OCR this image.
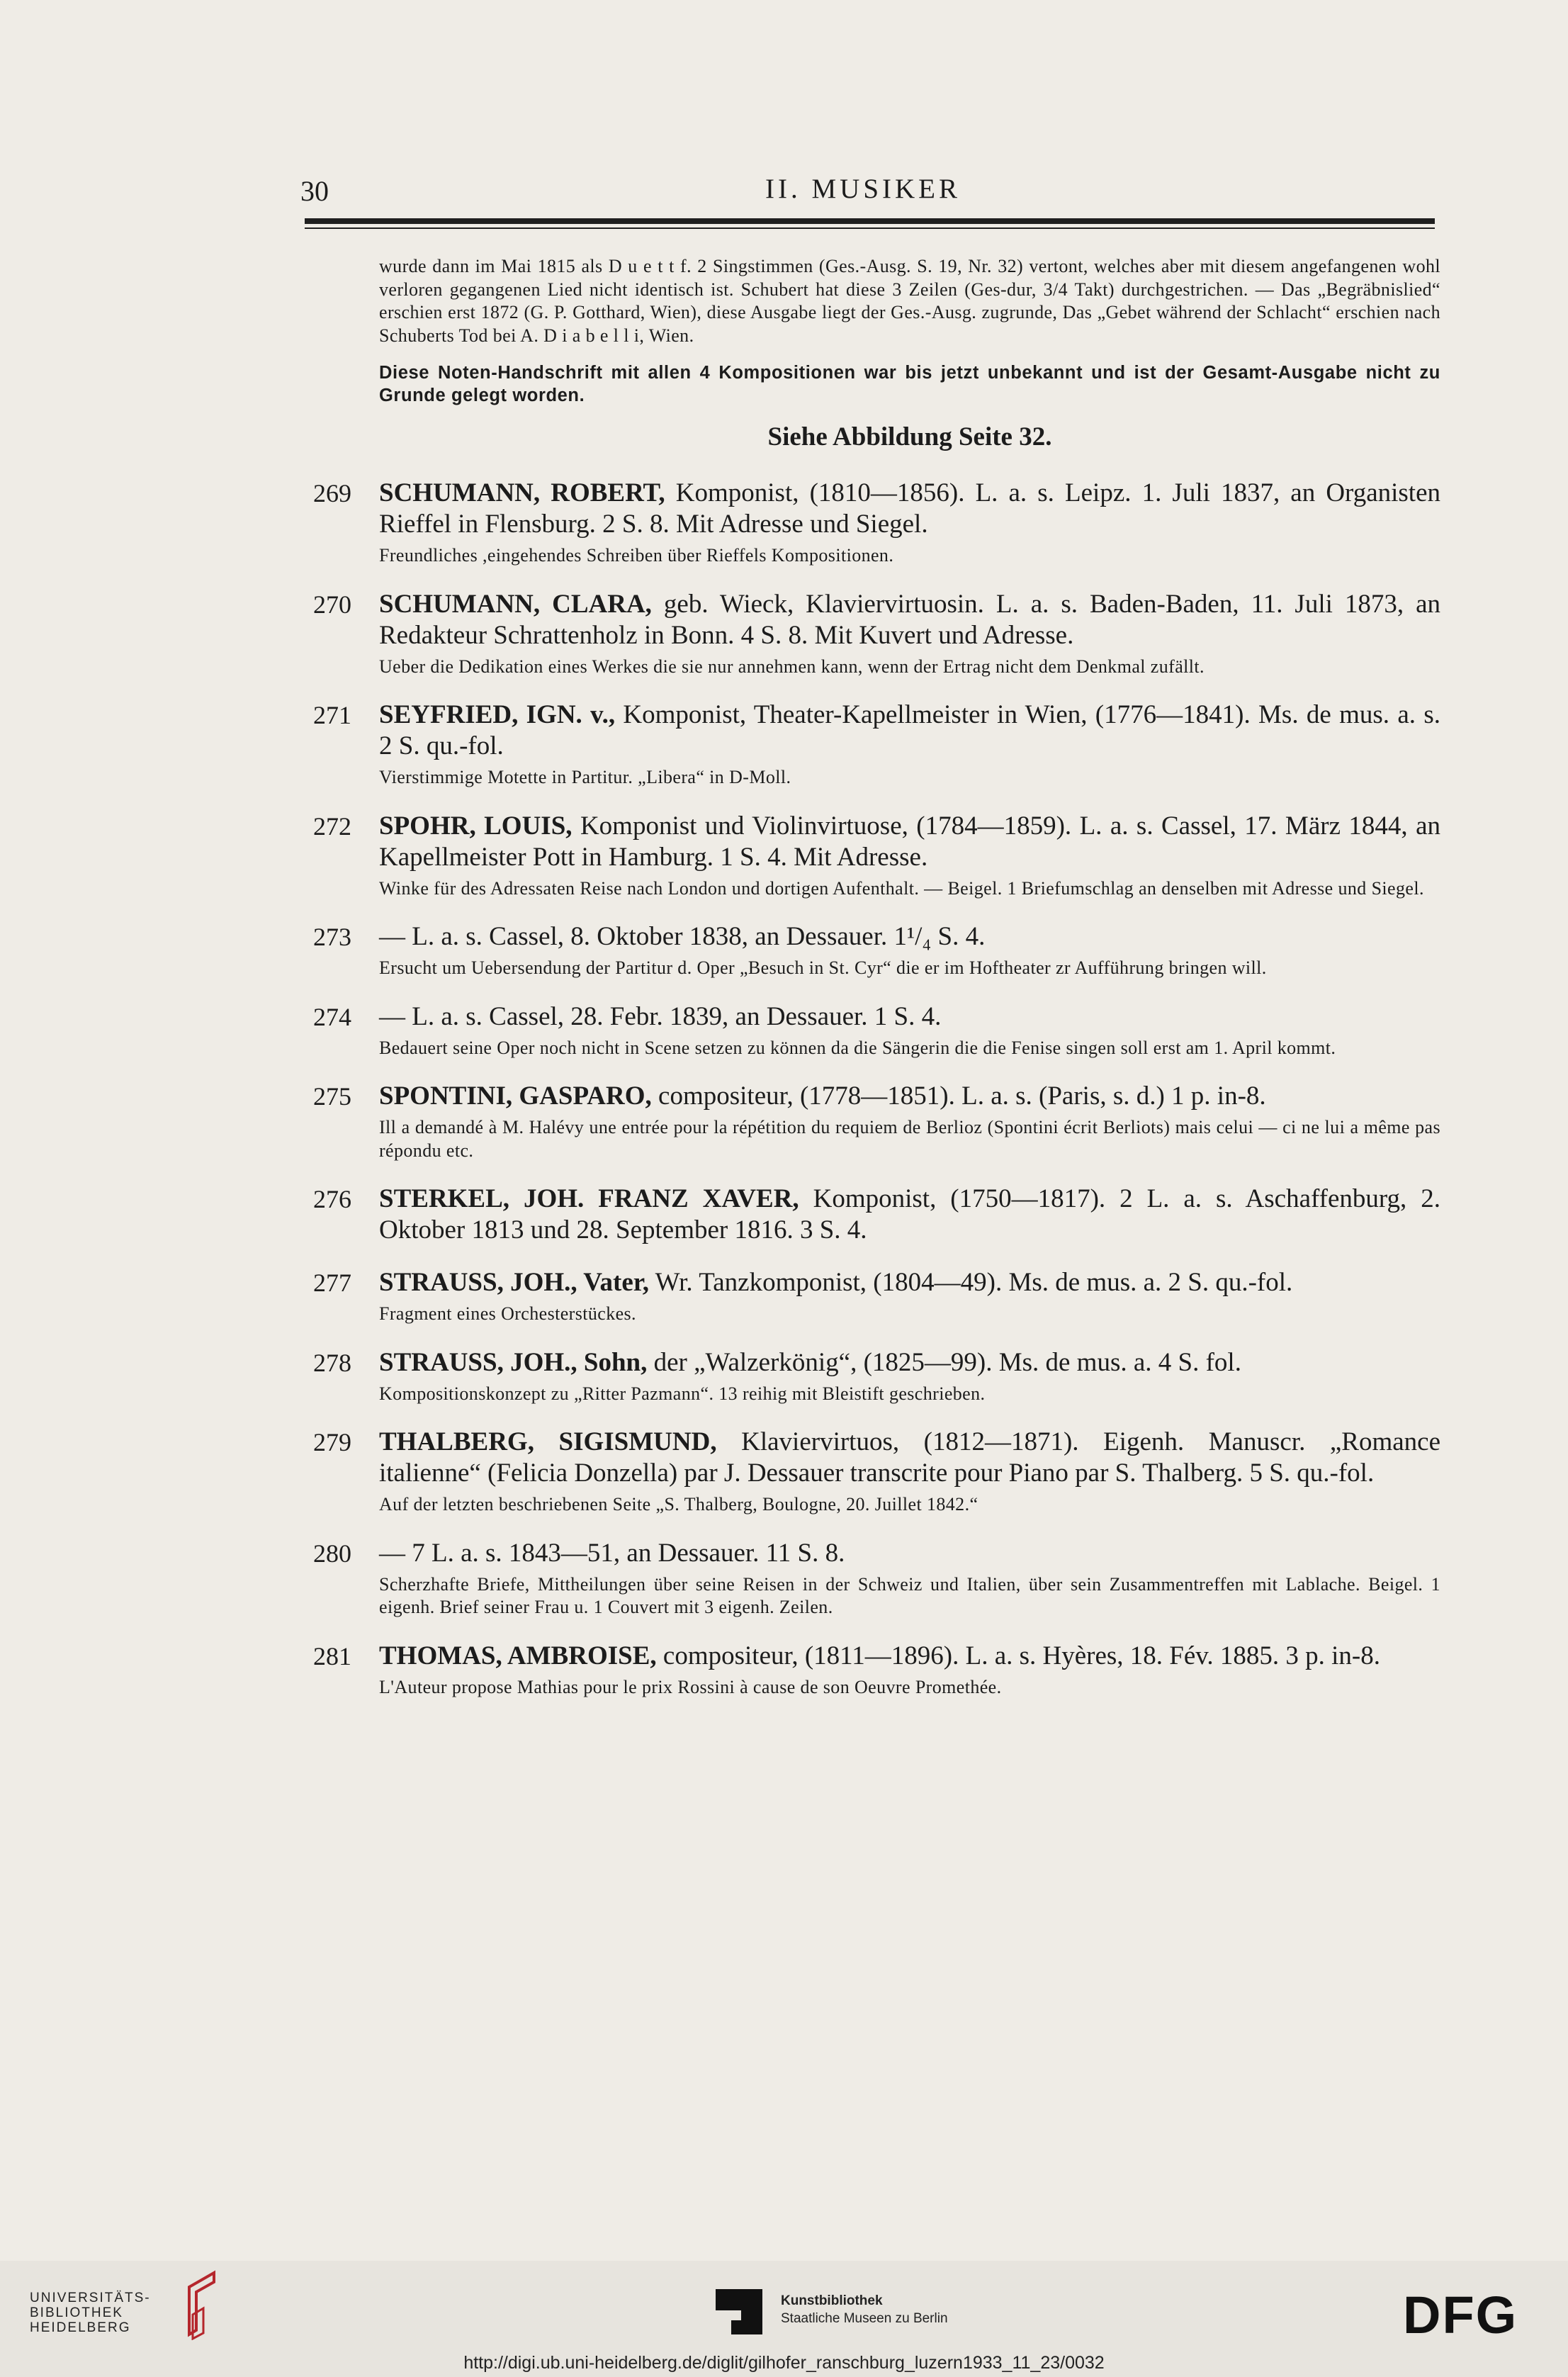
30	II. MUSIKER

wurde dann im Mai 1815 als D u e t t f. 2 Singstimmen (Ges.-Ausg. S. 19, Nr. 32) vertont, welches aber mit diesem angefangenen wohl verloren gegangenen Lied nicht identisch ist. Schubert hat diese 3 Zeilen (Ges-dur, 3/4 Takt) durchgestrichen. — Das „Begräbnislied“ erschien erst 1872 (G. P. Gotthard, Wien), diese Ausgabe liegt der Ges.-Ausg. zugrunde, Das „Gebet während der Schlacht“ erschien nach Schuberts Tod bei A. D i a b e l l i, Wien.

Diese Noten-Handschrift mit allen 4 Kompositionen war bis jetzt unbekannt und ist der Gesamt-Ausgabe nicht zu Grunde gelegt worden.

Siehe Abbildung Seite 32.

269 SCHUMANN, ROBERT, Komponist, (1810—1856). L. a. s. Leipz. 1. Juli 1837, an Organisten Rieffel in Flensburg. 2 S. 8. Mit Adresse und Siegel.

Freundliches ,eingehendes Schreiben über Rieffels Kompositionen.

270 SCHUMANN, CLARA, geb. Wieck, Klaviervirtuosin. L. a. s. Baden-Baden, 11. Juli 1873, an Redakteur Schrattenholz in Bonn. 4 S. 8. Mit Kuvert und Adresse.

Ueber die Dedikation eines Werkes die sie nur annehmen kann, wenn der Ertrag nicht dem Denkmal zufällt.

271 SEYFRIED, IGN. v., Komponist, Theater-Kapellmeister in Wien, (1776—1841). Ms. de mus. a. s. 2 S. qu.-fol.

Vierstimmige Motette in Partitur. „Libera“ in D-Moll.

272 SPOHR, LOUIS, Komponist und Violinvirtuose, (1784—1859). L. a. s. Cassel, 17. März 1844, an Kapellmeister Pott in Hamburg. 1 S. 4. Mit Adresse.

Winke für des Adressaten Reise nach London und dortigen Aufenthalt. — Beigel. 1 Briefumschlag an denselben mit Adresse und Siegel.

273 — L. a. s. Cassel, 8. Oktober 1838, an Dessauer. 1¹/₄ S. 4.

Ersucht um Uebersendung der Partitur d. Oper „Besuch in St. Cyr“ die er im Hoftheater zr Aufführung bringen will.

274 — L. a. s. Cassel, 28. Febr. 1839, an Dessauer. 1 S. 4.

Bedauert seine Oper noch nicht in Scene setzen zu können da die Sängerin die die Fenise singen soll erst am 1. April kommt.

275 SPONTINI, GASPARO, compositeur, (1778—1851). L. a. s. (Paris, s. d.) 1 p. in-8.

Ill a demandé à M. Halévy une entrée pour la répétition du requiem de Berlioz (Spontini écrit Berliots) mais celui — ci ne lui a même pas répondu etc.

276 STERKEL, JOH. FRANZ XAVER, Komponist, (1750—1817). 2 L. a. s. Aschaffenburg, 2. Oktober 1813 und 28. September 1816. 3 S. 4.

277 STRAUSS, JOH., Vater, Wr. Tanzkomponist, (1804—49). Ms. de mus. a. 2 S. qu.-fol.

Fragment eines Orchesterstückes.

278 STRAUSS, JOH., Sohn, der „Walzerkönig“, (1825—99). Ms. de mus. a. 4 S. fol.

Kompositionskonzept zu „Ritter Pazmann“. 13 reihig mit Bleistift geschrieben.

279 THALBERG, SIGISMUND, Klaviervirtuos, (1812—1871). Eigenh. Manuscr. „Romance italienne“ (Felicia Donzella) par J. Dessauer transcrite pour Piano par S. Thalberg. 5 S. qu.-fol.

Auf der letzten beschriebenen Seite „S. Thalberg, Boulogne, 20. Juillet 1842.“

280 — 7 L. a. s. 1843—51, an Dessauer. 11 S. 8.

Scherzhafte Briefe, Mittheilungen über seine Reisen in der Schweiz und Italien, über sein Zusammentreffen mit Lablache. Beigel. 1 eigenh. Brief seiner Frau u. 1 Couvert mit 3 eigenh. Zeilen.

281 THOMAS, AMBROISE, compositeur, (1811—1896). L. a. s. Hyères, 18. Fév. 1885. 3 p. in-8.

L'Auteur propose Mathias pour le prix Rossini à cause de son Oeuvre Promethée.

UNIVERSITÄTS-
BIBLIOTHEK
HEIDELBERG
Kunstbibliothek
Staatliche Museen zu Berlin	DFG
http://digi.ub.uni-heidelberg.de/diglit/gilhofer_ranschburg_luzern1933_11_23/0032
